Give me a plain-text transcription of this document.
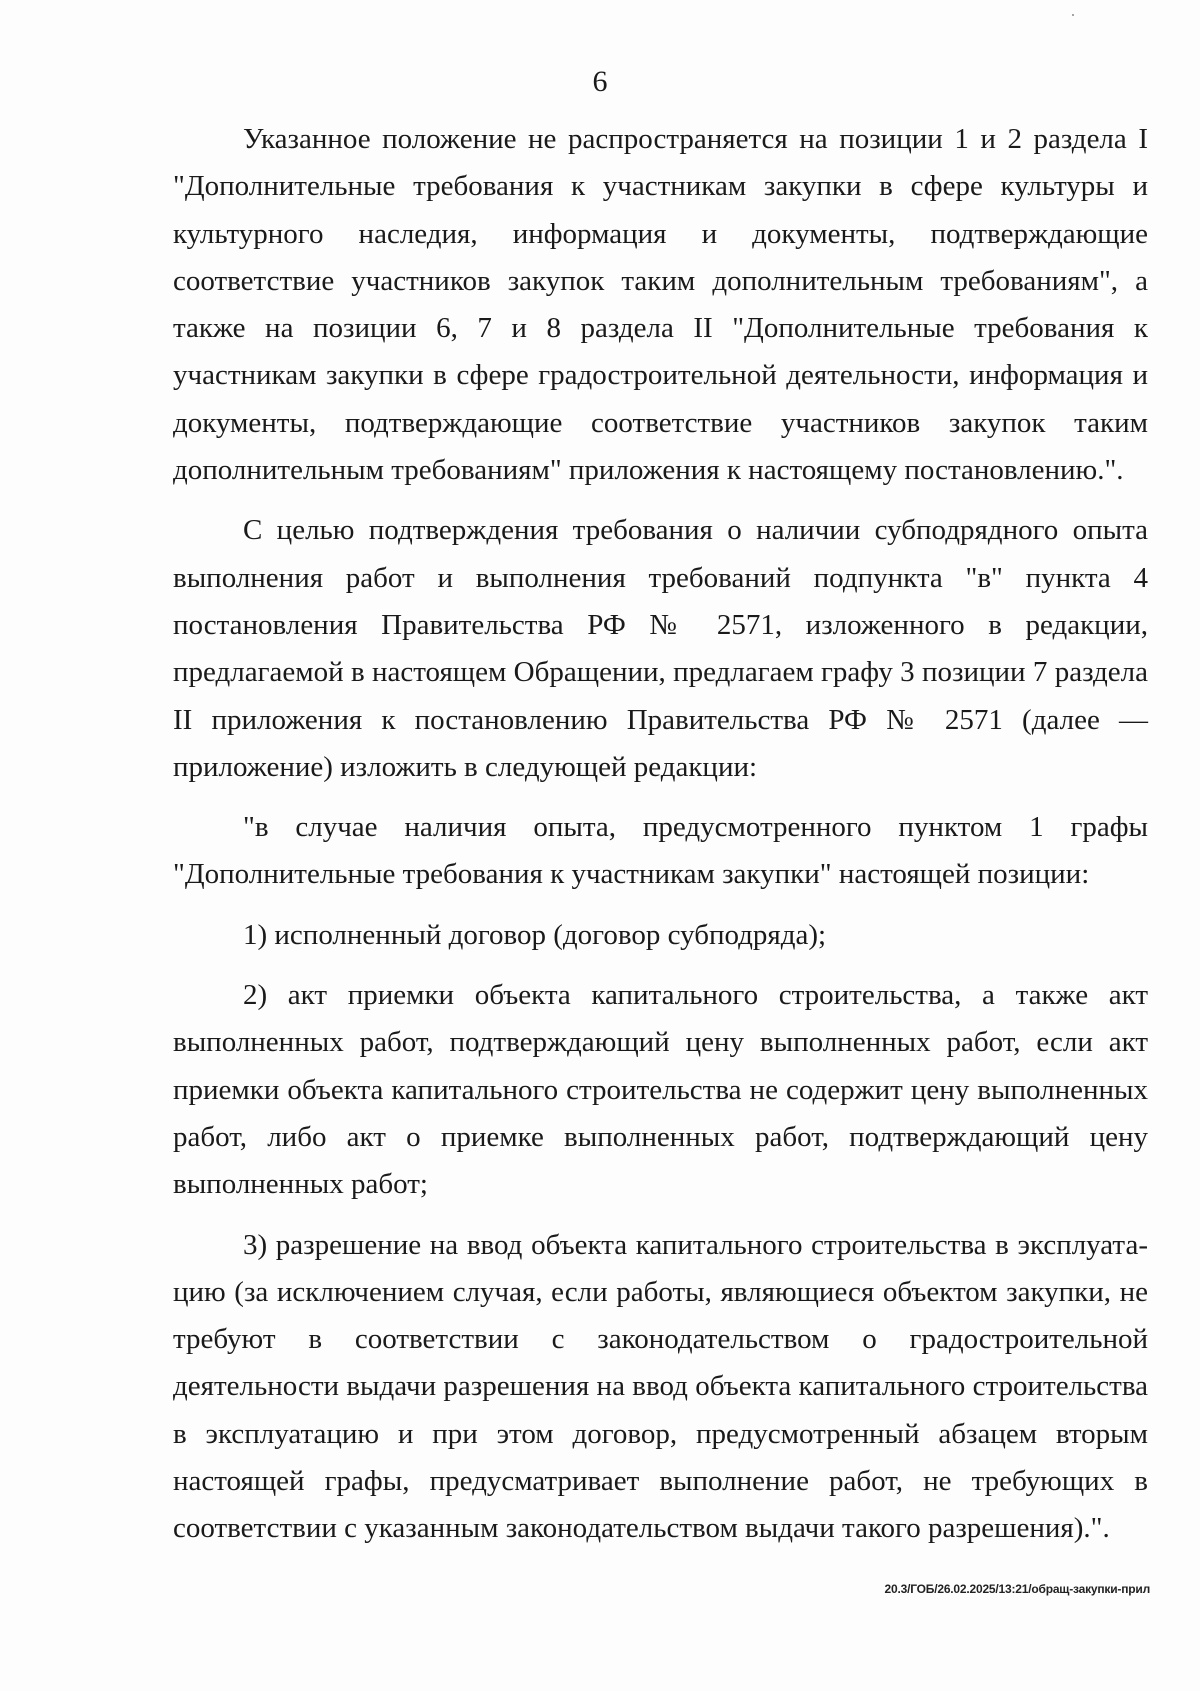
6

Указанное положение не распространяется на позиции 1 и 2 раздела I "Дополнительные требования к участникам закупки в сфере культуры и культурного наследия, информация и документы, подтверждающие соответствие участников закупок таким дополнительным требованиям", а также на позиции 6, 7 и 8 раздела II "Дополнительные требования к участникам закупки в сфере градостроительной деятельности, информация и документы, подтверждающие соответствие участников закупок таким дополнительным требованиям" приложения к настоящему постановлению.".

С целью подтверждения требования о наличии субподрядного опыта выполнения работ и выполнения требований подпункта "в" пункта 4 постановления Правительства РФ № 2571, изложенного в редакции, предлагаемой в настоящем Обращении, предлагаем графу 3 позиции 7 раздела II приложения к постановлению Правительства РФ № 2571 (далее — приложение) изложить в следующей редакции:

"в случае наличия опыта, предусмотренного пунктом 1 графы "Дополнительные требования к участникам закупки" настоящей позиции:

1) исполненный договор (договор субподряда);

2) акт приемки объекта капитального строительства, а также акт выполненных работ, подтверждающий цену выполненных работ, если акт приемки объекта капитального строительства не содержит цену выполненных работ, либо акт о приемке выполненных работ, подтверждающий цену выполненных работ;

3) разрешение на ввод объекта капитального строительства в эксплуатацию (за исключением случая, если работы, являющиеся объектом закупки, не требуют в соответствии с законодательством о градостроительной деятельности выдачи разрешения на ввод объекта капитального строительства в эксплуатацию и при этом договор, предусмотренный абзацем вторым настоящей графы, предусматривает выполнение работ, не требующих в соответствии с указанным законодательством выдачи такого разрешения).".

20.3/ГОБ/26.02.2025/13:21/обращ-закупки-прил
